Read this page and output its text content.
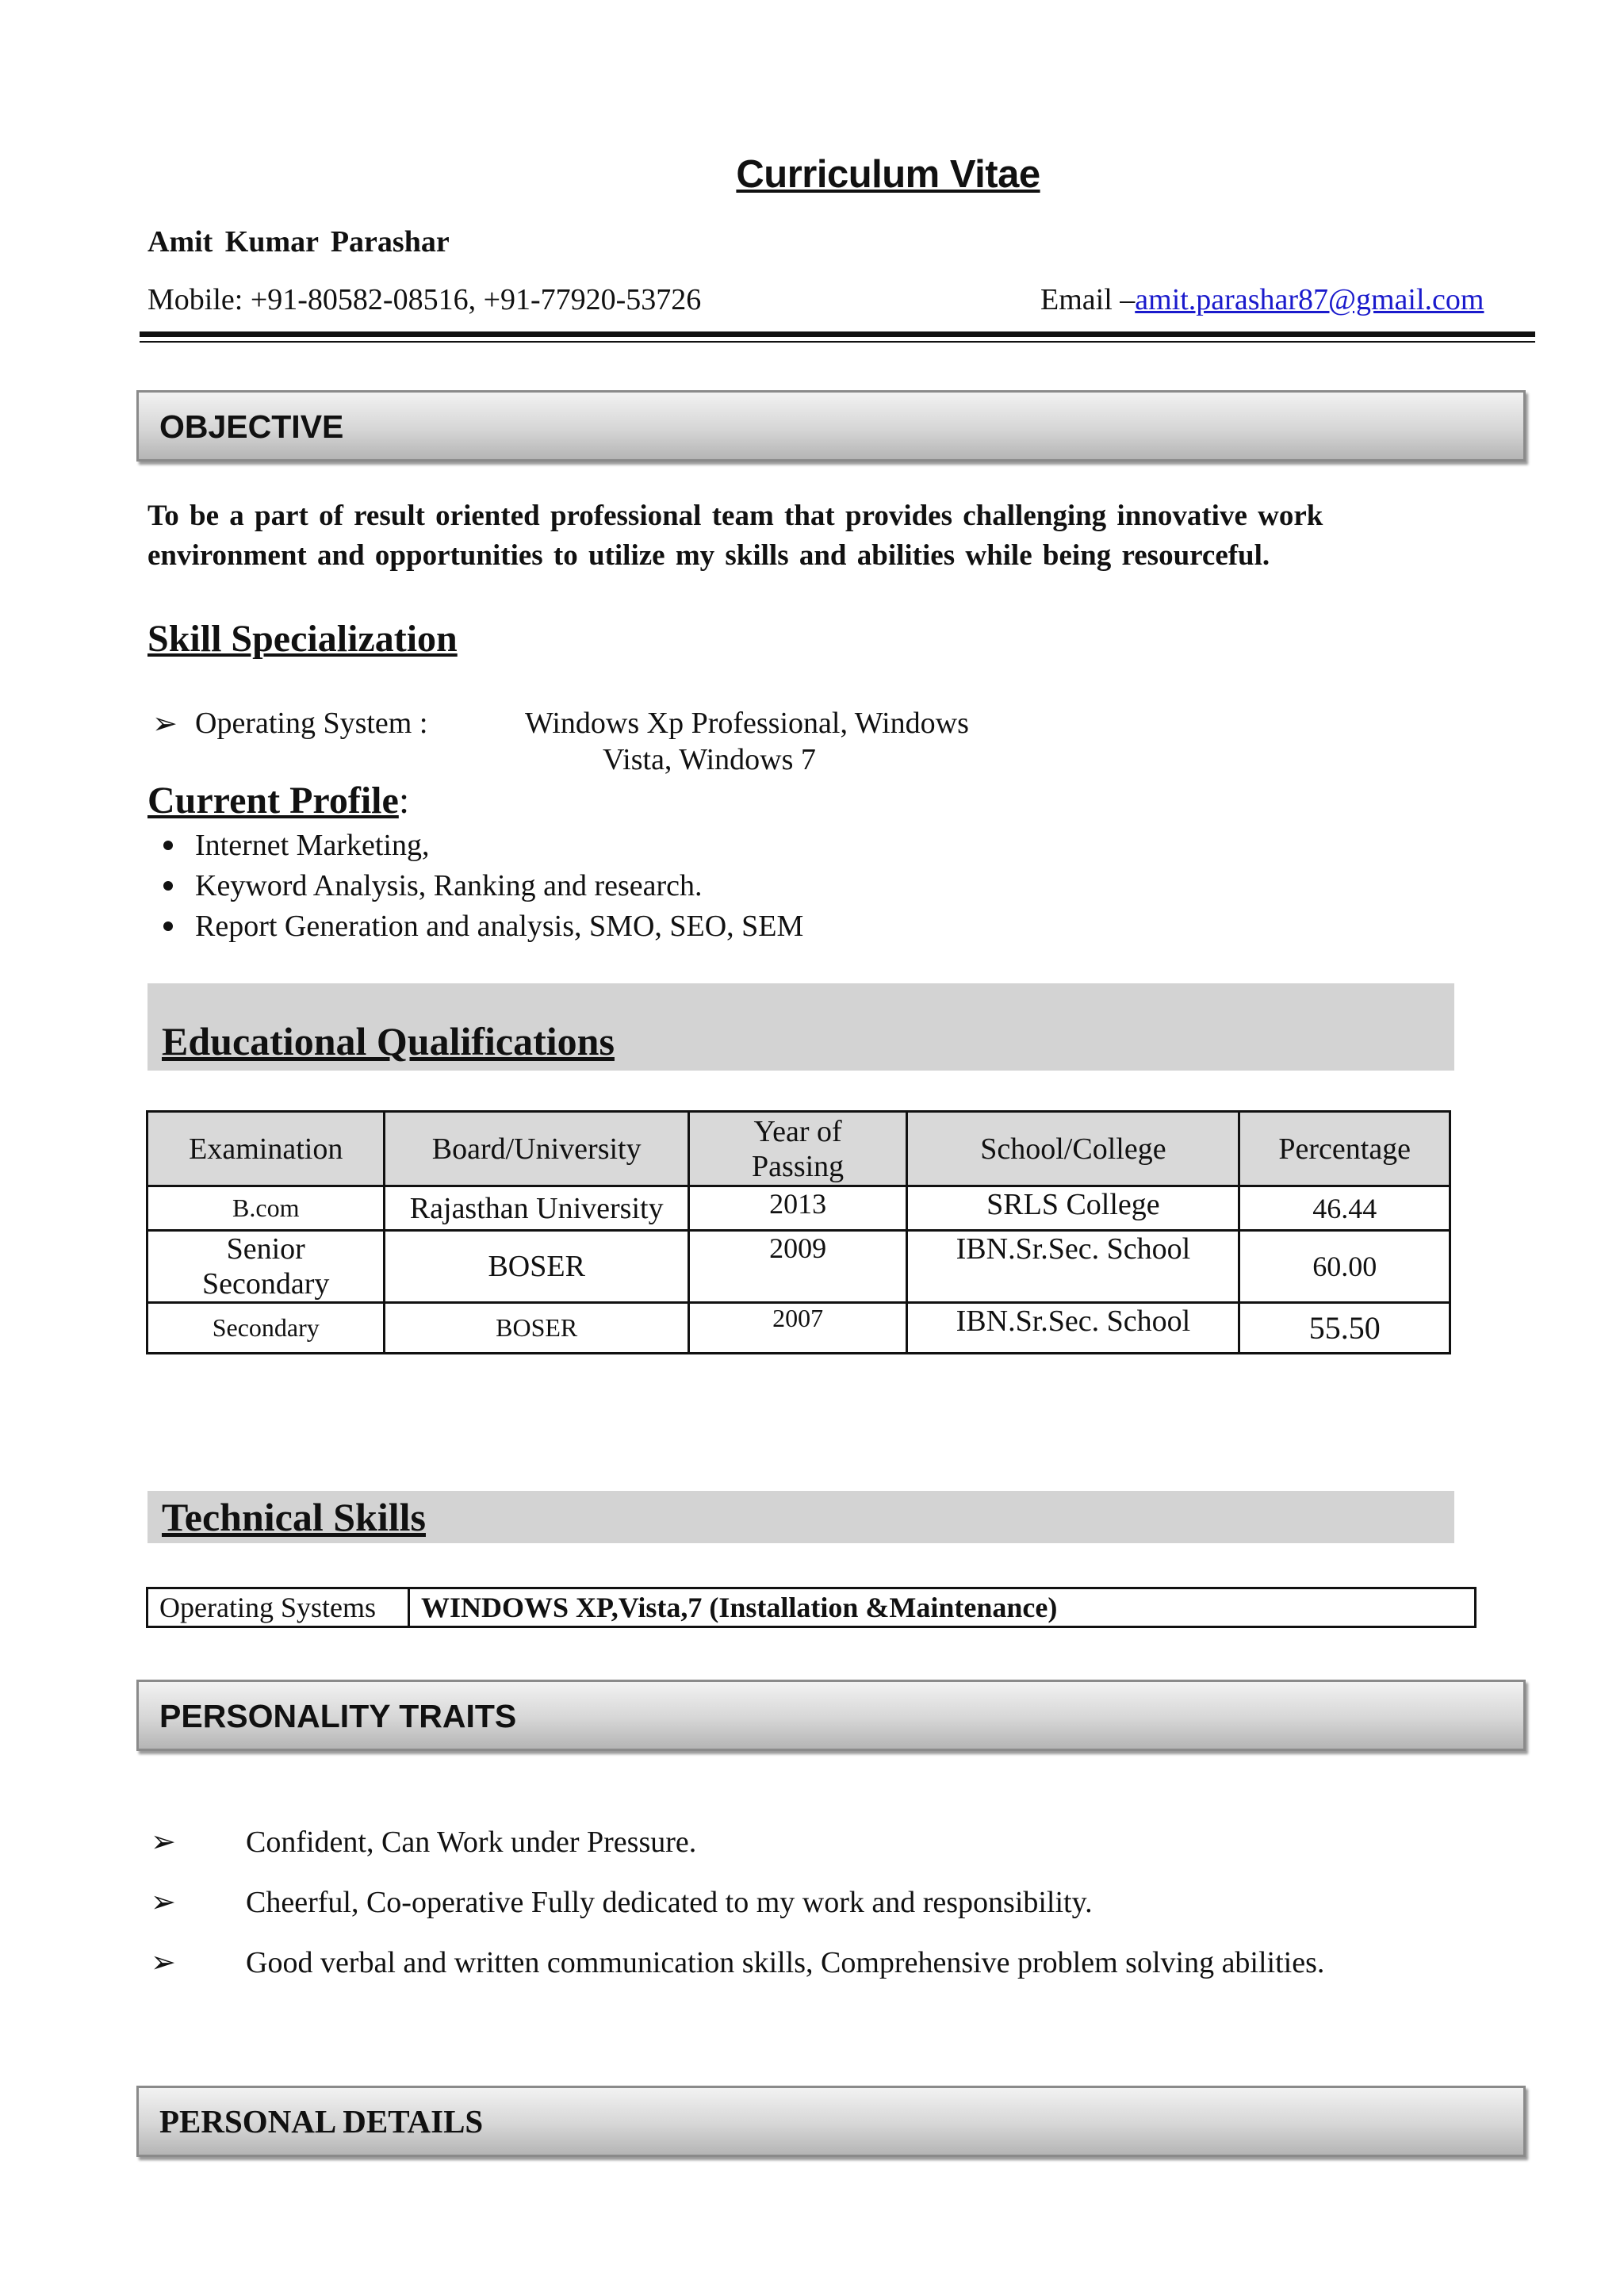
Curriculum Vitae
Amit Kumar Parashar
Mobile: +91-80582-08516, +91-77920-53726	Email –amit.parashar87@gmail.com
OBJECTIVE
To be a part of result oriented professional team that provides challenging innovative work
environment and opportunities to utilize my skills and abilities while being resourceful.
Skill Specialization
➢ Operating System :	Windows Xp Professional, Windows
Vista, Windows 7
Current Profile:
Internet Marketing,
Keyword Analysis, Ranking and research.
Report Generation and analysis, SMO, SEO, SEM
Educational Qualifications
Examination	Board/University	Year of Passing	School/College	Percentage
B.com	Rajasthan University	2013	SRLS College	46.44
Senior Secondary	BOSER	2009	IBN.Sr.Sec. School	60.00
Secondary	BOSER	2007	IBN.Sr.Sec. School	55.50
Technical Skills
Operating Systems	WINDOWS XP,Vista,7 (Installation &Maintenance)
PERSONALITY TRAITS
➢ Confident, Can Work under Pressure.
➢ Cheerful, Co-operative Fully dedicated to my work and responsibility.
➢ Good verbal and written communication skills, Comprehensive problem solving abilities.
PERSONAL DETAILS
